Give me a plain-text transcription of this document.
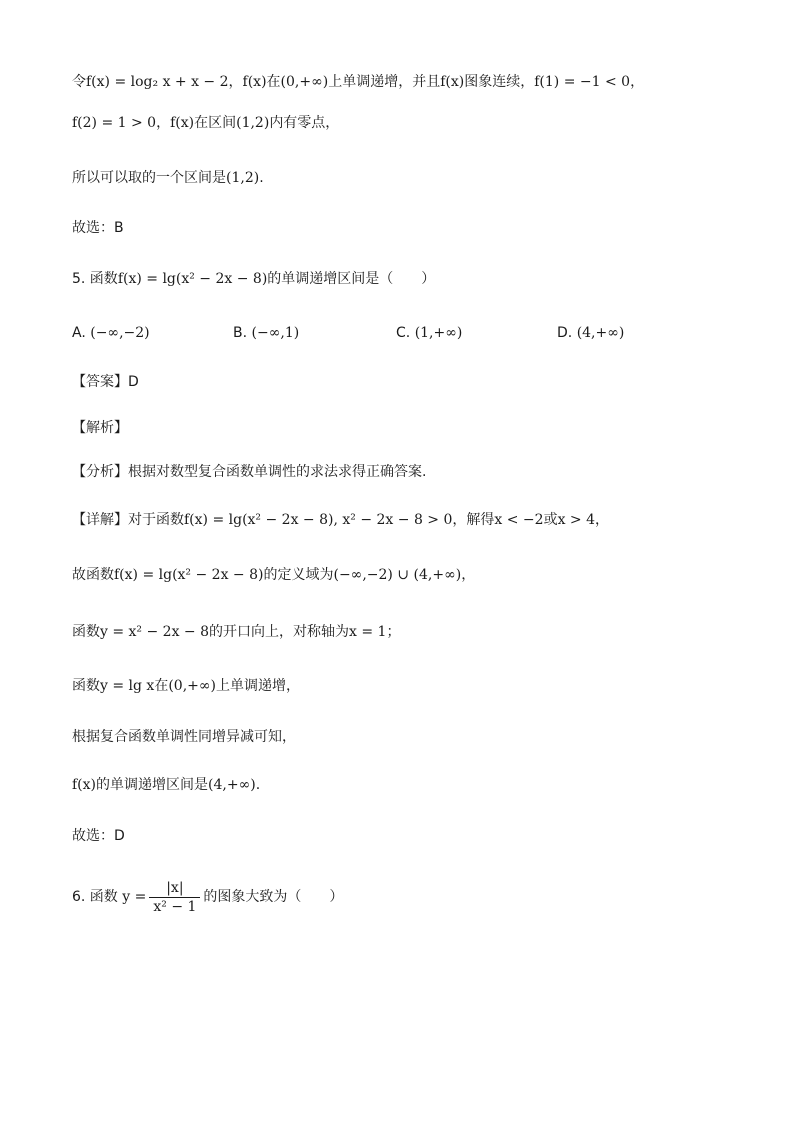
令f(x) = log₂ x + x − 2，f(x)在(0,+∞)上单调递增，并且f(x)图象连续，f(1) = −1 < 0，
f(2) = 1 > 0，f(x)在区间(1,2)内有零点，
所以可以取的一个区间是(1,2).
故选：B
5. 函数f(x) = lg(x² − 2x − 8)的单调递增区间是（　　）
A. (−∞,−2)	B. (−∞,1)	C. (1,+∞)	D. (4,+∞)
【答案】D
【解析】
【分析】根据对数型复合函数单调性的求法求得正确答案.
【详解】对于函数f(x) = lg(x² − 2x − 8), x² − 2x − 8 > 0，解得x < −2或x > 4，
故函数f(x) = lg(x² − 2x − 8)的定义域为(−∞,−2) ∪ (4,+∞)，
函数y = x² − 2x − 8的开口向上，对称轴为x = 1；
函数y = lg x在(0,+∞)上单调递增，
根据复合函数单调性同增异减可知，
f(x)的单调递增区间是(4,+∞).
故选：D
6. 函数 $y = \frac{|x|}{\text{x² − 1}}$ 的图象大致为（　　）
